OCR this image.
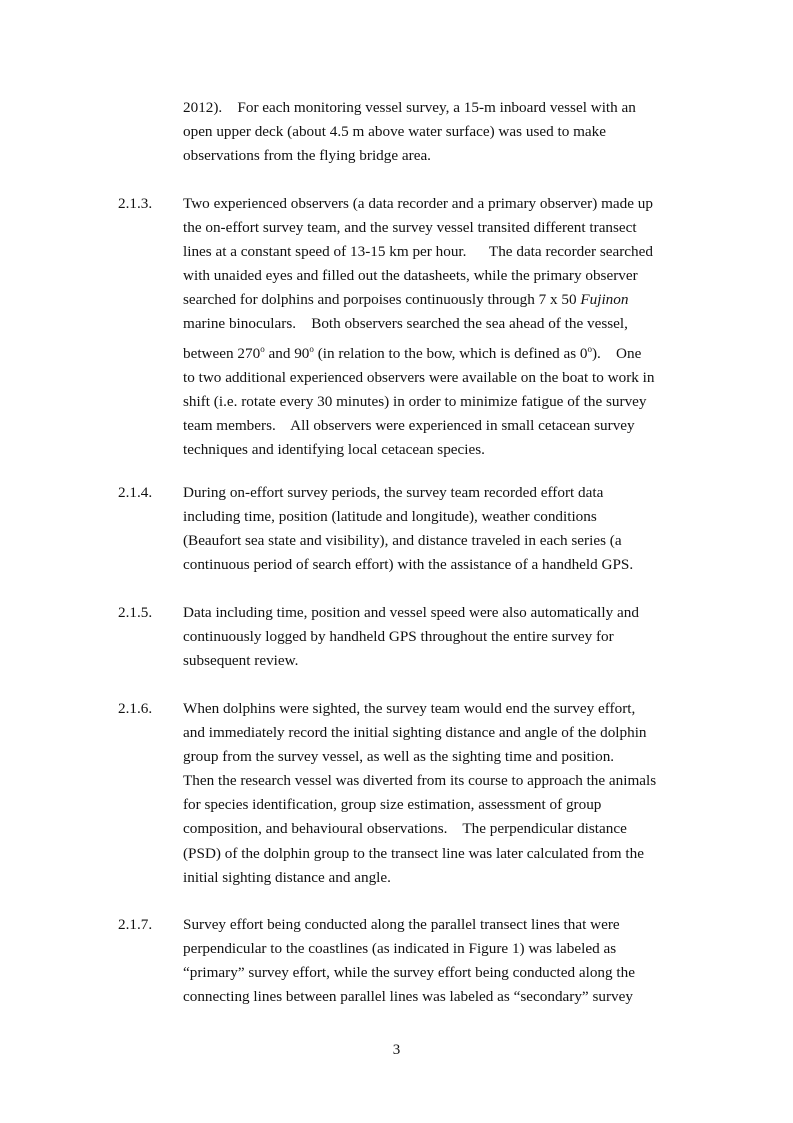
2012).    For each monitoring vessel survey, a 15-m inboard vessel with an
open upper deck (about 4.5 m above water surface) was used to make
observations from the flying bridge area.
2.1.3. Two experienced observers (a data recorder and a primary observer) made up
the on-effort survey team, and the survey vessel transited different transect
lines at a constant speed of 13-15 km per hour.      The data recorder searched
with unaided eyes and filled out the datasheets, while the primary observer
searched for dolphins and porpoises continuously through 7 x 50 Fujinon
marine binoculars.    Both observers searched the sea ahead of the vessel,
between 270$^o$ and 90$^o$ (in relation to the bow, which is defined as 0$^o$).    One
to two additional experienced observers were available on the boat to work in
shift (i.e. rotate every 30 minutes) in order to minimize fatigue of the survey
team members.    All observers were experienced in small cetacean survey
techniques and identifying local cetacean species.
2.1.4. During on-effort survey periods, the survey team recorded effort data
including time, position (latitude and longitude), weather conditions
(Beaufort sea state and visibility), and distance traveled in each series (a
continuous period of search effort) with the assistance of a handheld GPS.
2.1.5. Data including time, position and vessel speed were also automatically and
continuously logged by handheld GPS throughout the entire survey for
subsequent review.
2.1.6. When dolphins were sighted, the survey team would end the survey effort,
and immediately record the initial sighting distance and angle of the dolphin
group from the survey vessel, as well as the sighting time and position.
Then the research vessel was diverted from its course to approach the animals
for species identification, group size estimation, assessment of group
composition, and behavioural observations.    The perpendicular distance
(PSD) of the dolphin group to the transect line was later calculated from the
initial sighting distance and angle.
2.1.7. Survey effort being conducted along the parallel transect lines that were
perpendicular to the coastlines (as indicated in Figure 1) was labeled as
“primary” survey effort, while the survey effort being conducted along the
connecting lines between parallel lines was labeled as “secondary” survey
3
